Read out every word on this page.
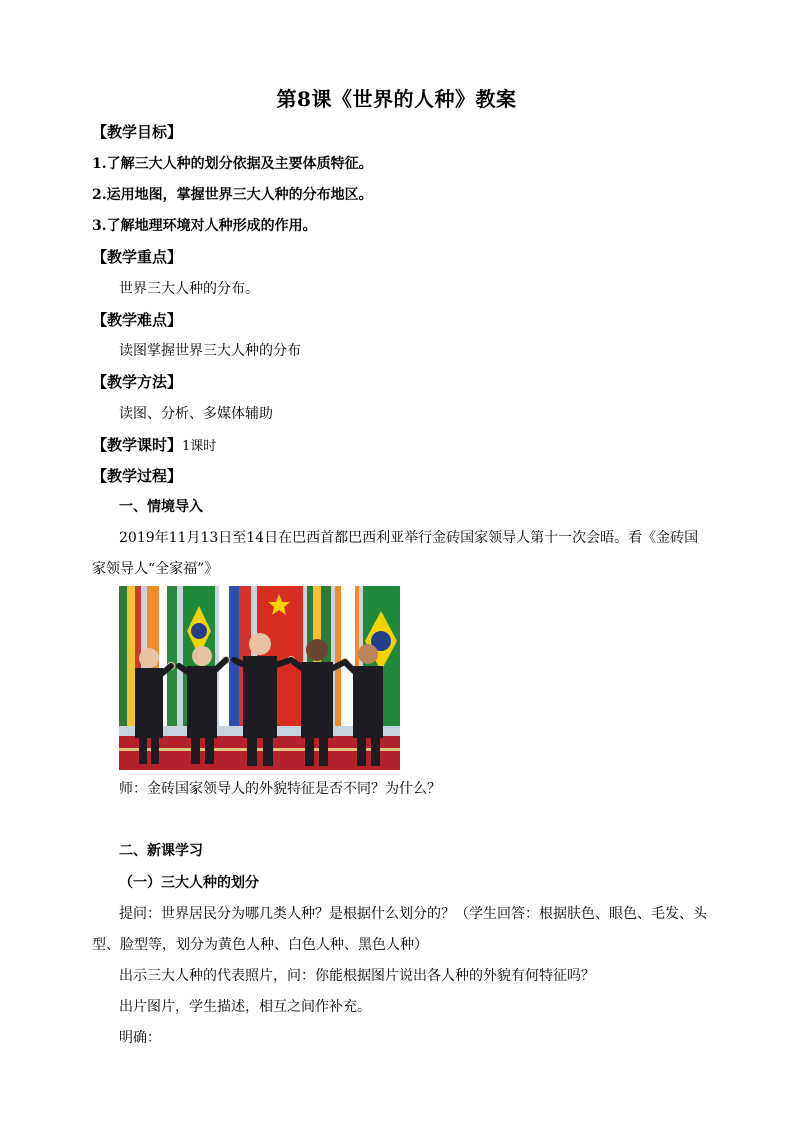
第8课《世界的人种》教案
【教学目标】
1.了解三大人种的划分依据及主要体质特征。
2.运用地图，掌握世界三大人种的分布地区。
3.了解地理环境对人种形成的作用。
【教学重点】
世界三大人种的分布。
【教学难点】
读图掌握世界三大人种的分布
【教学方法】
读图、分析、多媒体辅助
【教学课时】1课时
【教学过程】
一、情境导入
2019年11月13日至14日在巴西首都巴西利亚举行金砖国家领导人第十一次会晤。看《金砖国
家领导人“全家福”》
师：金砖国家领导人的外貌特征是否不同？为什么？
二、新课学习
（一）三大人种的划分
提问：世界居民分为哪几类人种？是根据什么划分的？（学生回答：根据肤色、眼色、毛发、头
型、脸型等，划分为黄色人种、白色人种、黑色人种）
出示三大人种的代表照片，问：你能根据图片说出各人种的外貌有何特征吗？
出片图片，学生描述，相互之间作补充。
明确：
